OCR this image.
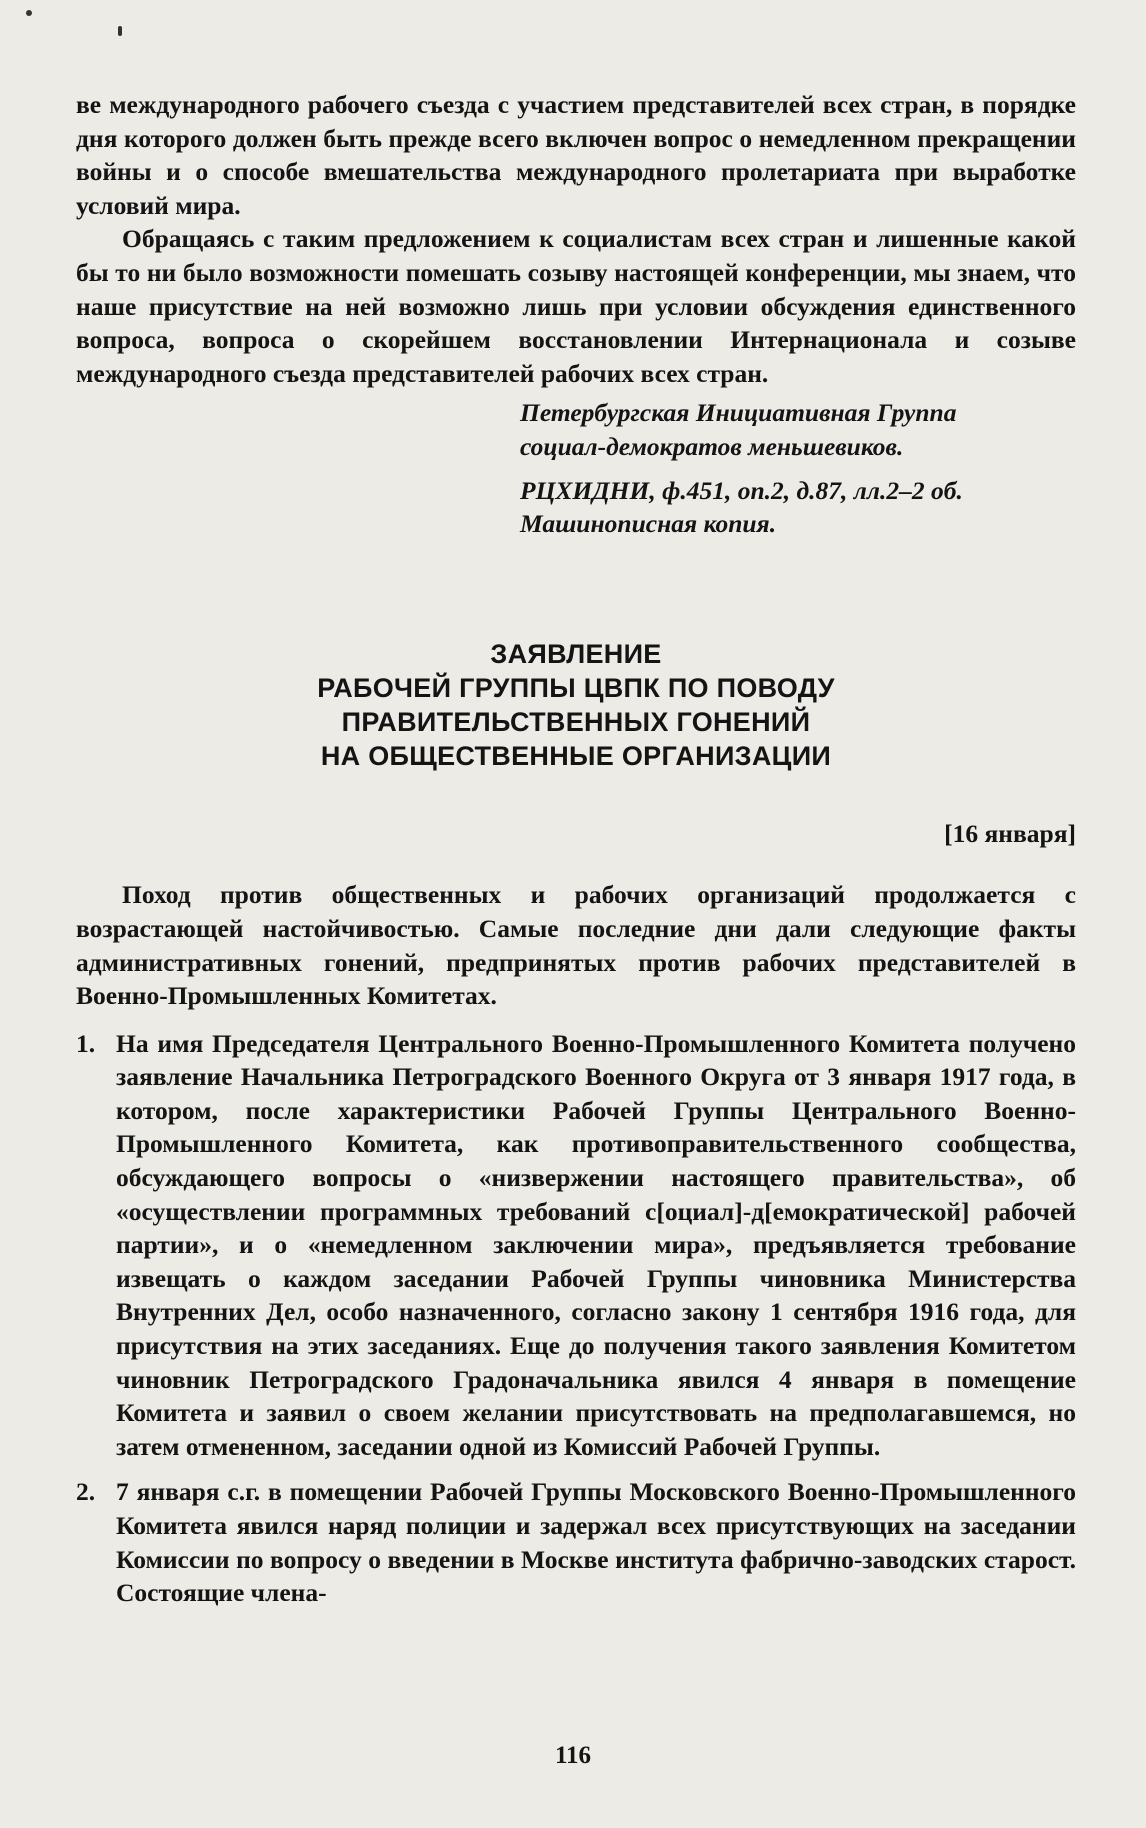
ве международного рабочего съезда с участием представителей всех стран, в порядке дня которого должен быть прежде всего включен вопрос о немедленном прекращении войны и о способе вмешательства международного пролетариата при выработке условий мира.

Обращаясь с таким предложением к социалистам всех стран и лишенные какой бы то ни было возможности помешать созыву настоящей конференции, мы знаем, что наше присутствие на ней возможно лишь при условии обсуждения единственного вопроса, вопроса о скорейшем восстановлении Интернационала и созыве международного съезда представителей рабочих всех стран.

Петербургская Инициативная Группа
социал-демократов меньшевиков.
РЦХИДНИ, ф.451, оп.2, д.87, лл.2–2 об.
Машинописная копия.
ЗАЯВЛЕНИЕ
РАБОЧЕЙ ГРУППЫ ЦВПК ПО ПОВОДУ
ПРАВИТЕЛЬСТВЕННЫХ ГОНЕНИЙ
НА ОБЩЕСТВЕННЫЕ ОРГАНИЗАЦИИ

[16 января]

Поход против общественных и рабочих организаций продолжается с возрастающей настойчивостью. Самые последние дни дали следующие факты административных гонений, предпринятых против рабочих представителей в Военно-Промышленных Комитетах.

1. На имя Председателя Центрального Военно-Промышленного Комитета получено заявление Начальника Петроградского Военного Округа от 3 января 1917 года, в котором, после характеристики Рабочей Группы Центрального Военно-Промышленного Комитета, как противоправительственного сообщества, обсуждающего вопросы о «низвержении настоящего правительства», об «осуществлении программных требований с[оциал]-д[емократической] рабочей партии», и о «немедленном заключении мира», предъявляется требование извещать о каждом заседании Рабочей Группы чиновника Министерства Внутренних Дел, особо назначенного, согласно закону 1 сентября 1916 года, для присутствия на этих заседаниях. Еще до получения такого заявления Комитетом чиновник Петроградского Градоначальника явился 4 января в помещение Комитета и заявил о своем желании присутствовать на предполагавшемся, но затем отмененном, заседании одной из Комиссий Рабочей Группы.
2. 7 января с.г. в помещении Рабочей Группы Московского Военно-Промышленного Комитета явился наряд полиции и задержал всех присутствующих на заседании Комиссии по вопросу о введении в Москве института фабрично-заводских старост. Состоящие члена-
116
